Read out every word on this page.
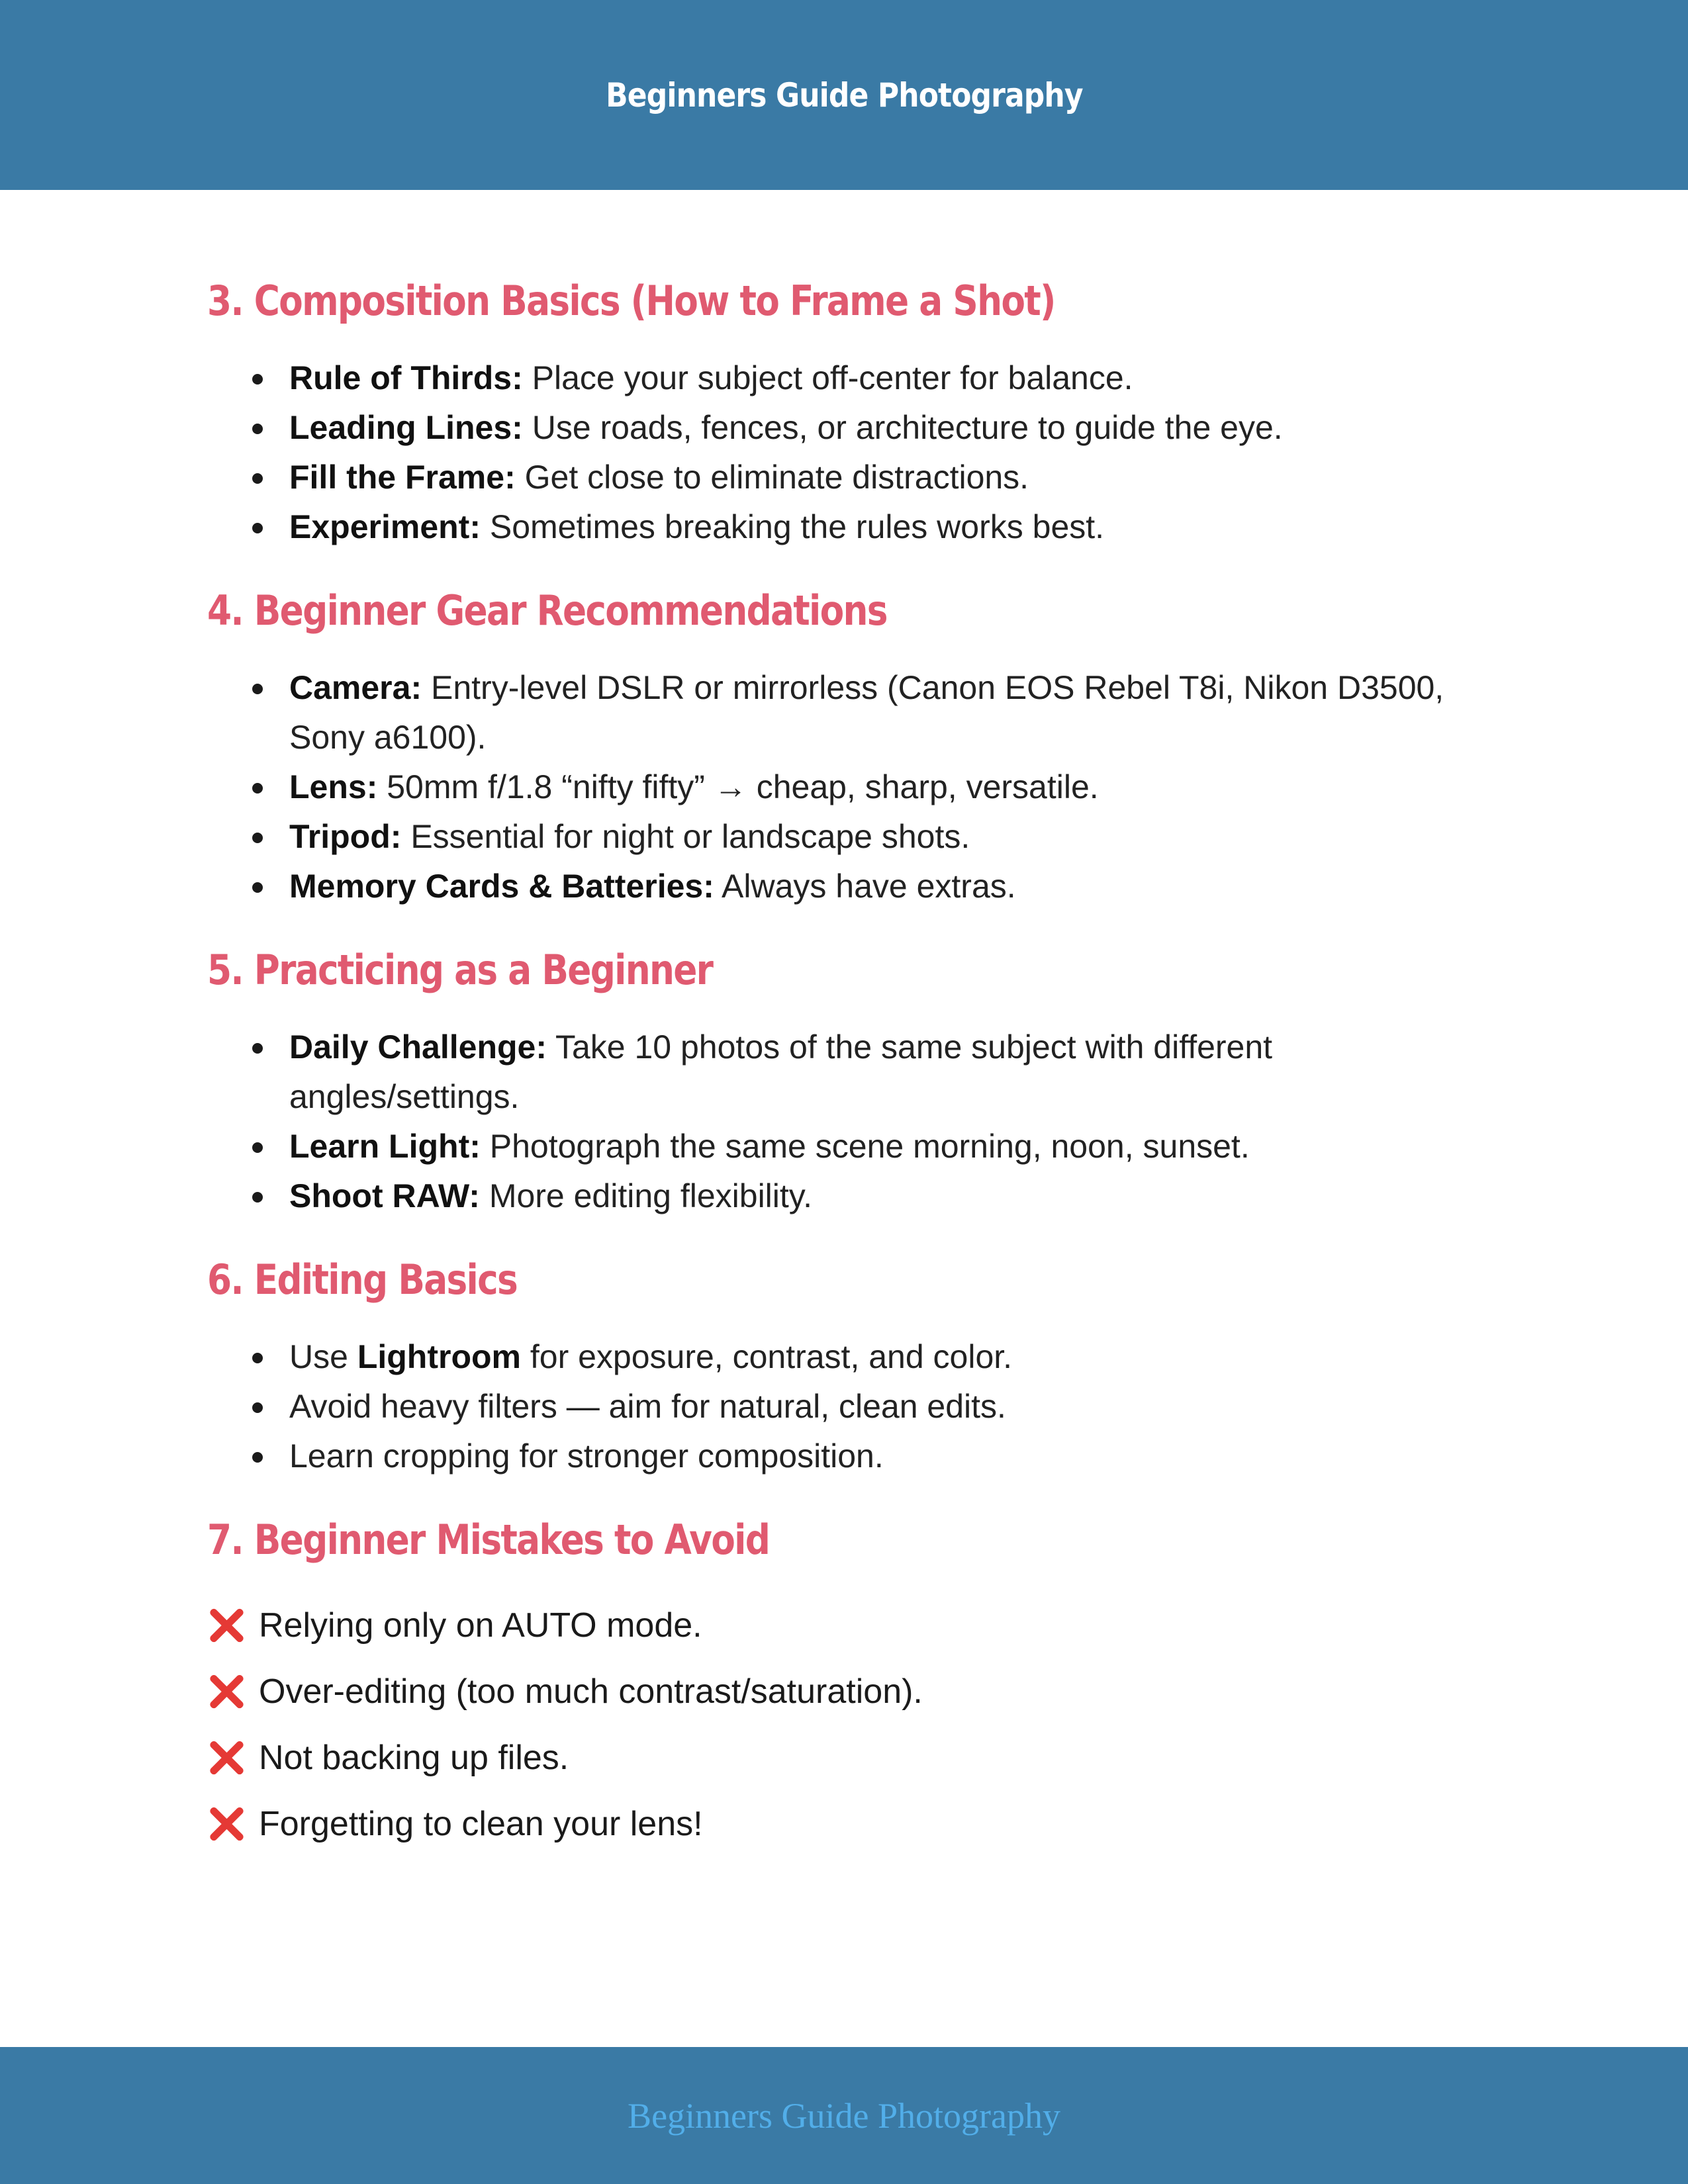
Beginners Guide Photography
3. Composition Basics (How to Frame a Shot)
Rule of Thirds: Place your subject off-center for balance.
Leading Lines: Use roads, fences, or architecture to guide the eye.
Fill the Frame: Get close to eliminate distractions.
Experiment: Sometimes breaking the rules works best.
4. Beginner Gear Recommendations
Camera: Entry-level DSLR or mirrorless (Canon EOS Rebel T8i, Nikon D3500, Sony a6100).
Lens: 50mm f/1.8 “nifty fifty” → cheap, sharp, versatile.
Tripod: Essential for night or landscape shots.
Memory Cards & Batteries: Always have extras.
5. Practicing as a Beginner
Daily Challenge: Take 10 photos of the same subject with different angles/settings.
Learn Light: Photograph the same scene morning, noon, sunset.
Shoot RAW: More editing flexibility.
6. Editing Basics
Use Lightroom for exposure, contrast, and color.
Avoid heavy filters — aim for natural, clean edits.
Learn cropping for stronger composition.
7. Beginner Mistakes to Avoid
Relying only on AUTO mode.
Over-editing (too much contrast/saturation).
Not backing up files.
Forgetting to clean your lens!
Beginners Guide Photography
